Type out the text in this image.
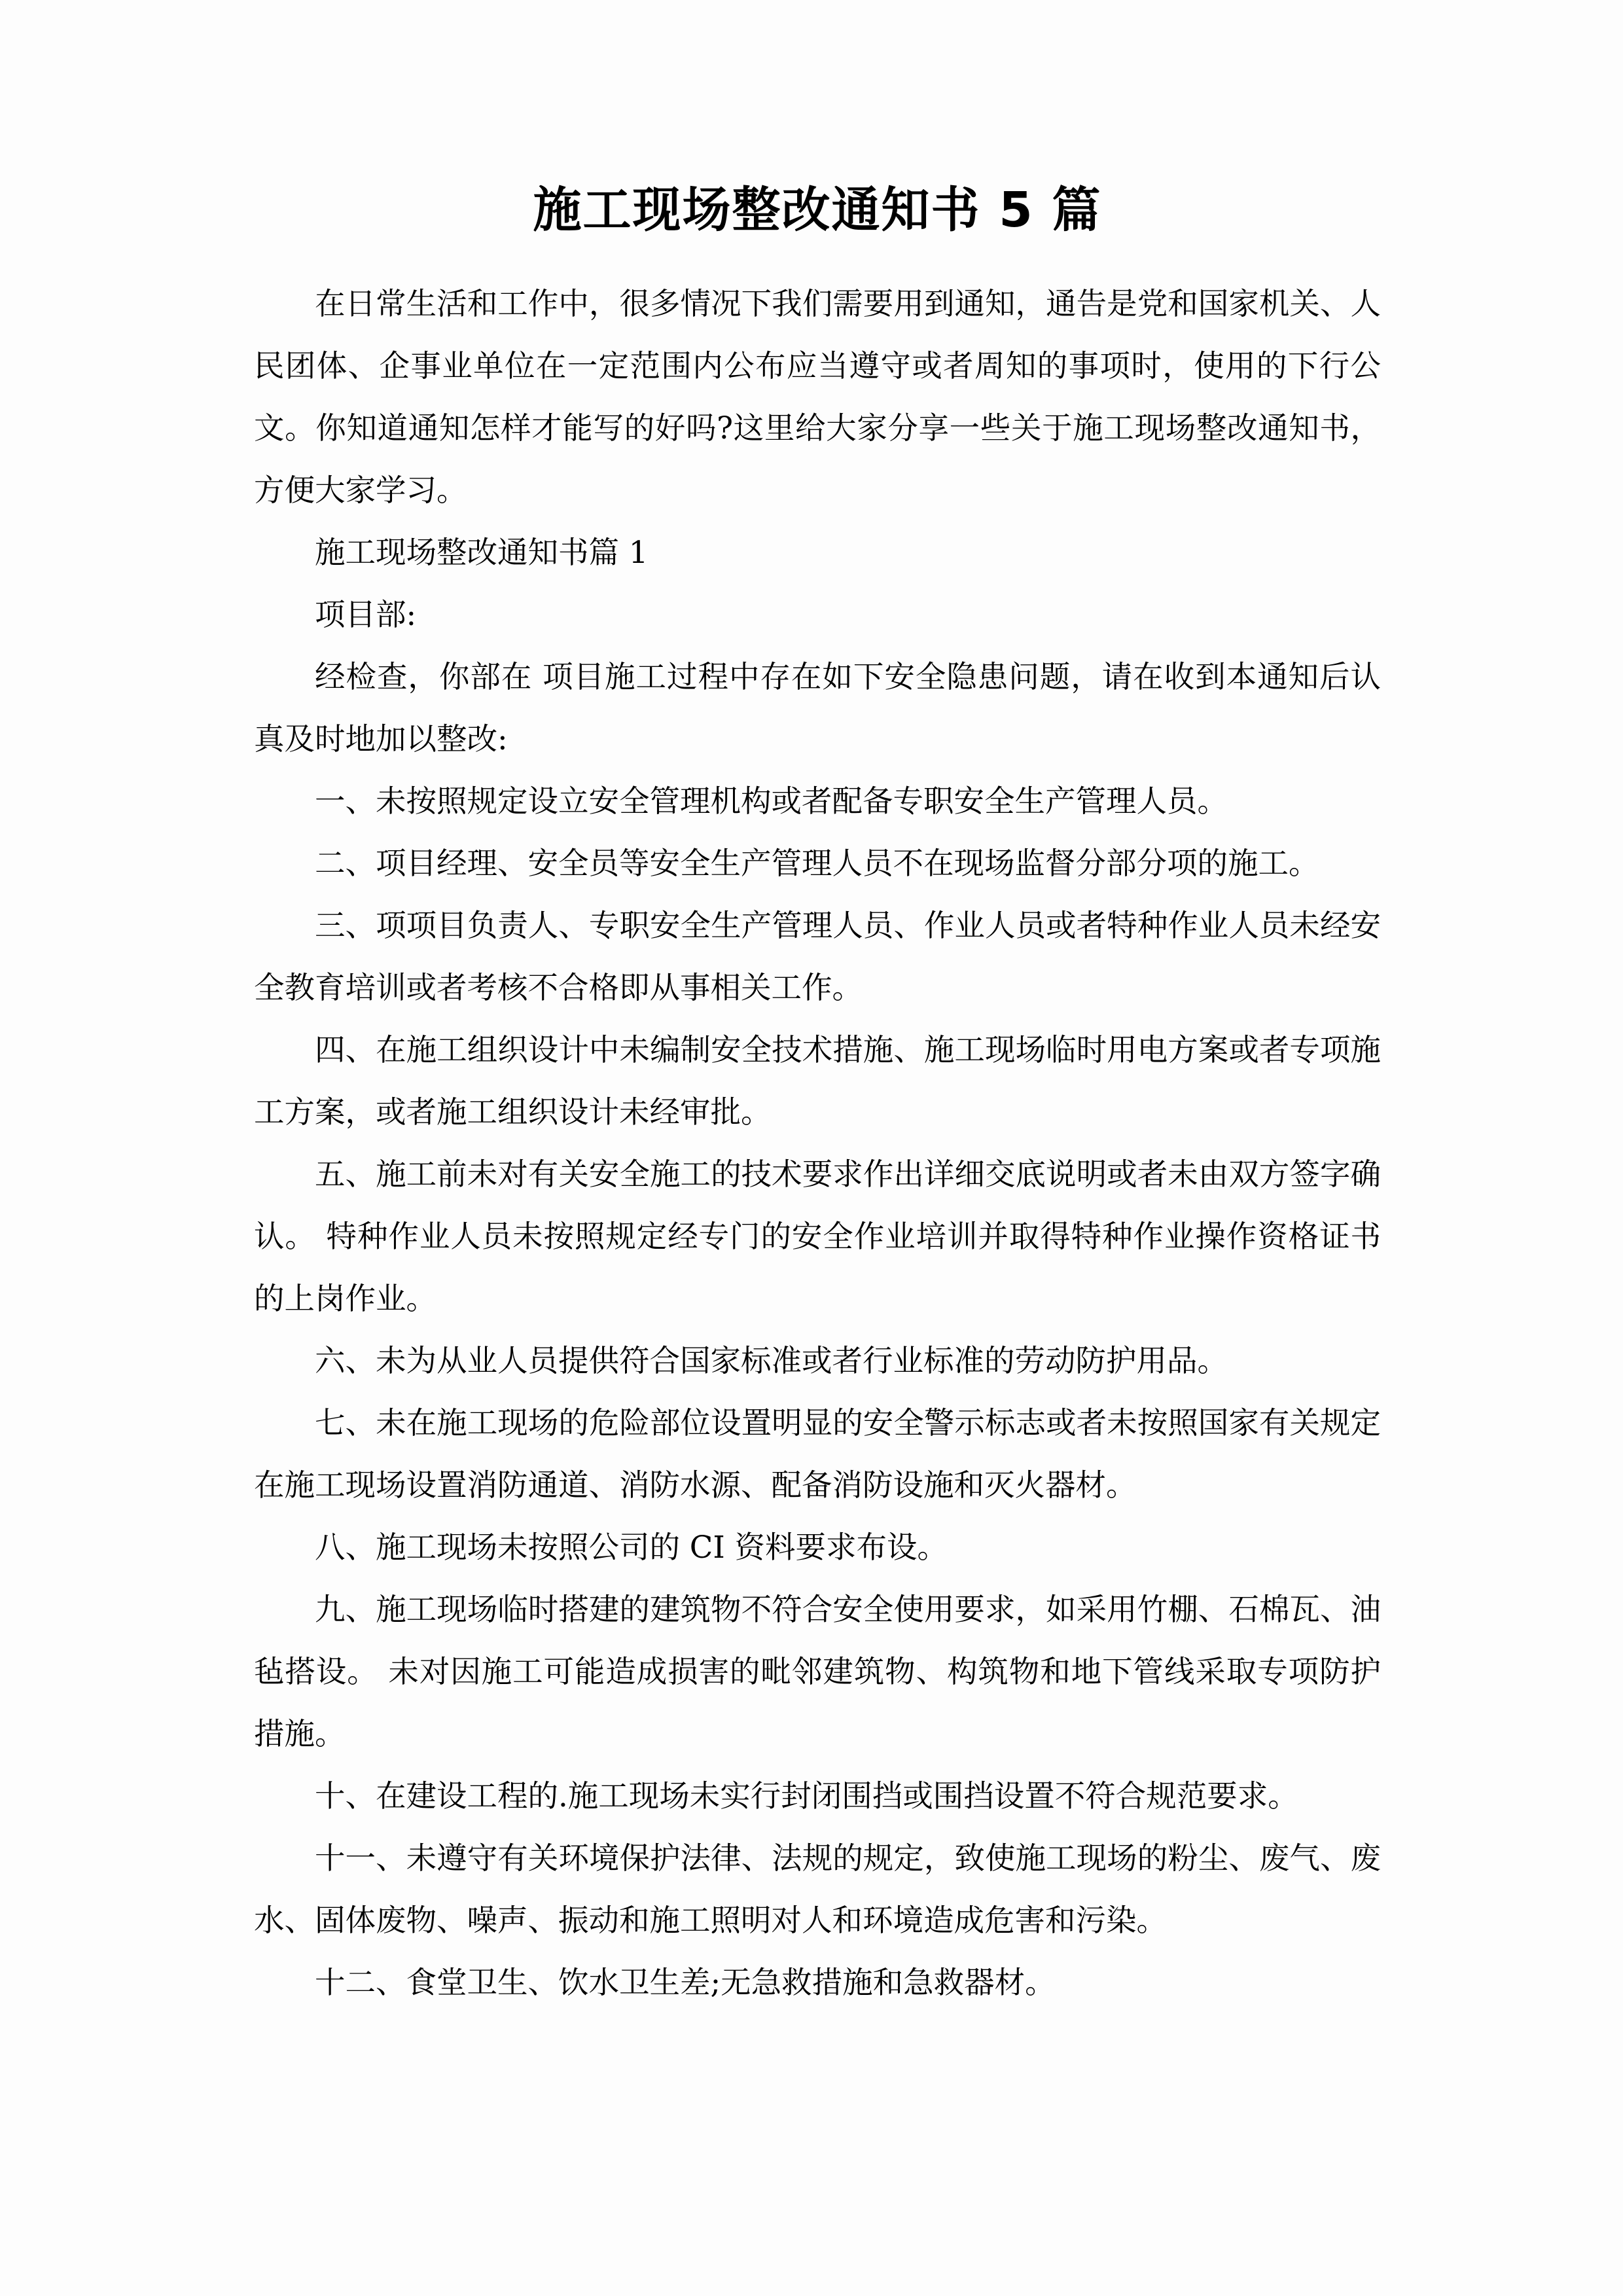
施工现场整改通知书 5 篇

在日常生活和工作中，很多情况下我们需要用到通知，通告是党和国家机关、人民团体、企事业单位在一定范围内公布应当遵守或者周知的事项时，使用的下行公文。你知道通知怎样才能写的好吗?这里给大家分享一些关于施工现场整改通知书，方便大家学习。

施工现场整改通知书篇 1

项目部:

经检查，你部在 项目施工过程中存在如下安全隐患问题，请在收到本通知后认真及时地加以整改:

一、未按照规定设立安全管理机构或者配备专职安全生产管理人员。

二、项目经理、安全员等安全生产管理人员不在现场监督分部分项的施工。

三、项项目负责人、专职安全生产管理人员、作业人员或者特种作业人员未经安全教育培训或者考核不合格即从事相关工作。

四、在施工组织设计中未编制安全技术措施、施工现场临时用电方案或者专项施工方案，或者施工组织设计未经审批。

五、施工前未对有关安全施工的技术要求作出详细交底说明或者未由双方签字确认。 特种作业人员未按照规定经专门的安全作业培训并取得特种作业操作资格证书的上岗作业。

六、未为从业人员提供符合国家标准或者行业标准的劳动防护用品。

七、未在施工现场的危险部位设置明显的安全警示标志或者未按照国家有关规定在施工现场设置消防通道、消防水源、配备消防设施和灭火器材。

八、施工现场未按照公司的 CI 资料要求布设。

九、施工现场临时搭建的建筑物不符合安全使用要求，如采用竹棚、石棉瓦、油毡搭设。 未对因施工可能造成损害的毗邻建筑物、构筑物和地下管线采取专项防护措施。

十、在建设工程的.施工现场未实行封闭围挡或围挡设置不符合规范要求。

十一、未遵守有关环境保护法律、法规的规定，致使施工现场的粉尘、废气、废水、固体废物、噪声、振动和施工照明对人和环境造成危害和污染。

十二、食堂卫生、饮水卫生差;无急救措施和急救器材。
